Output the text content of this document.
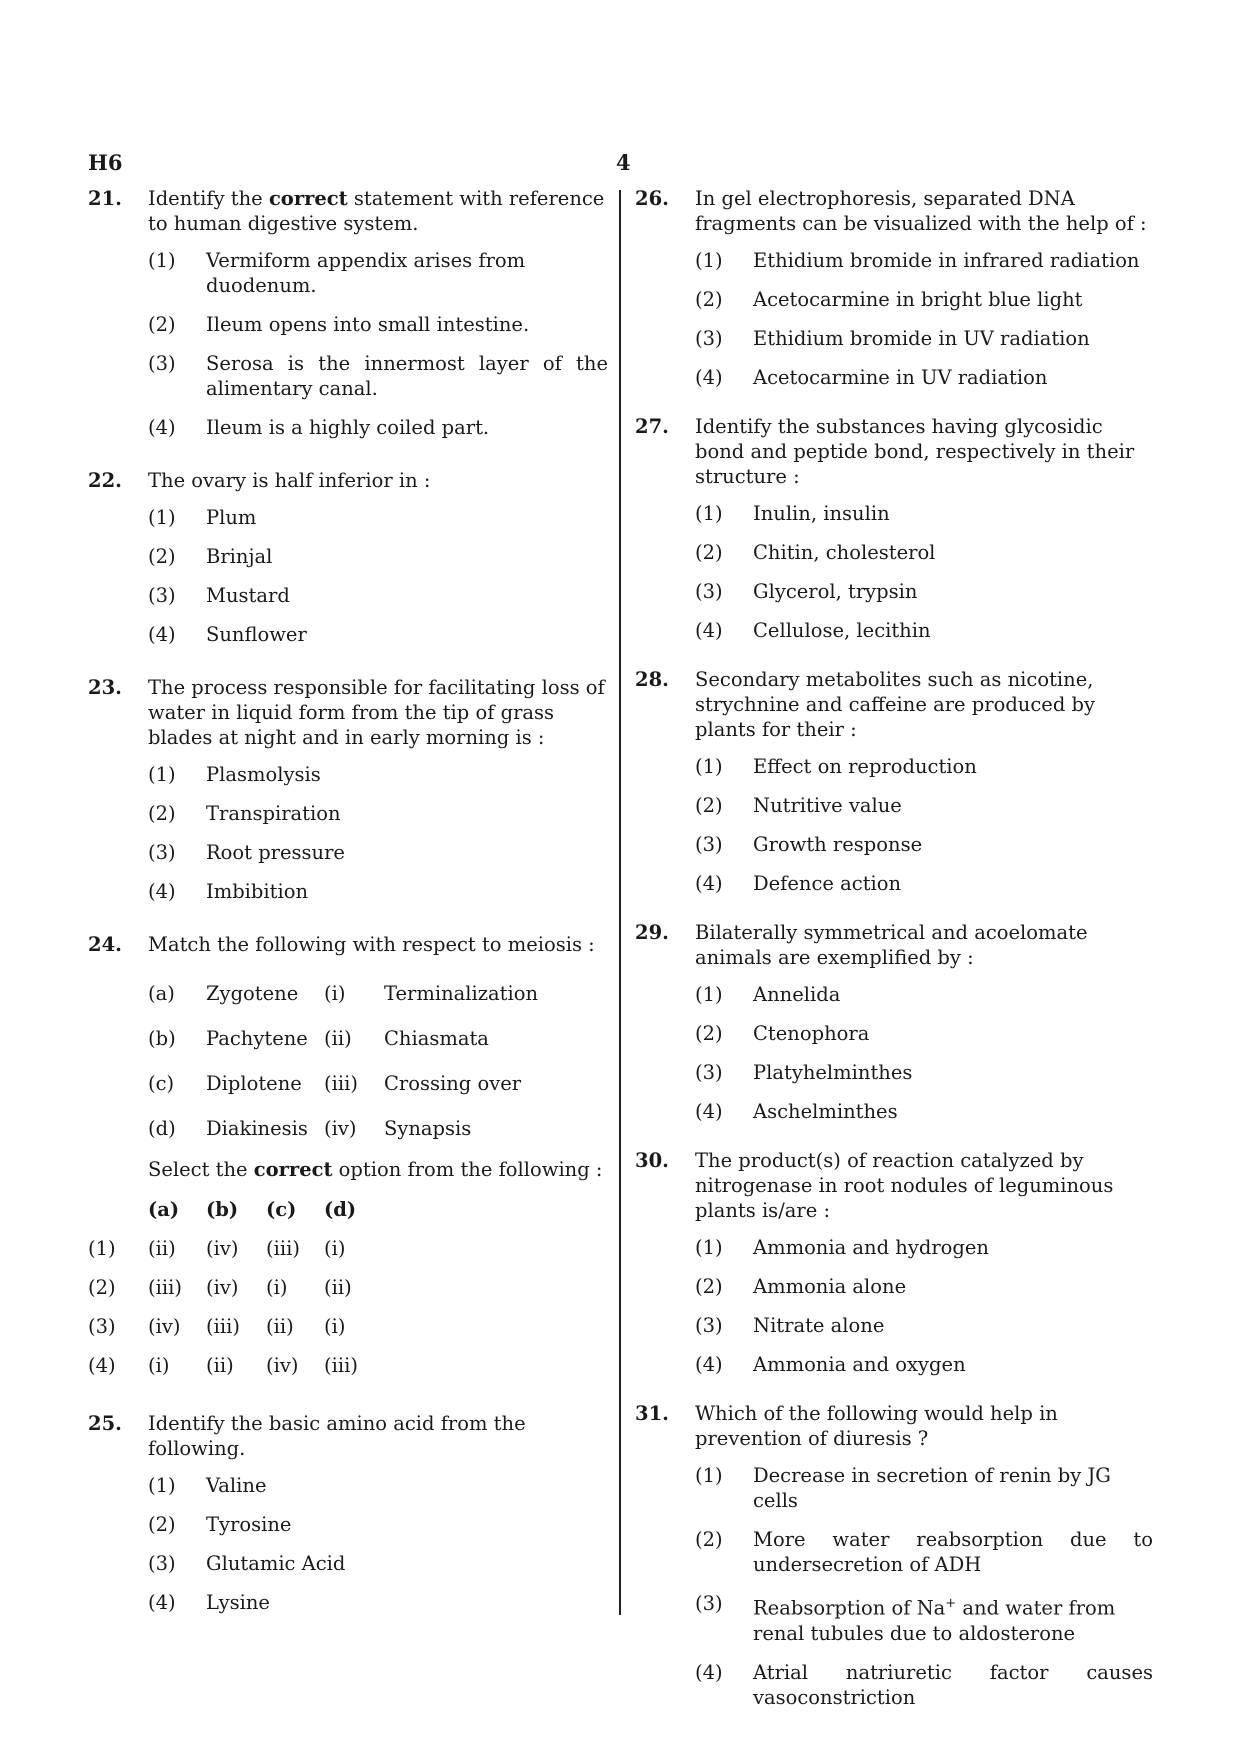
H6	4
21. Identify the correct statement with reference to human digestive system.
(1) Vermiform appendix arises from duodenum.
(2) Ileum opens into small intestine.
(3) Serosa is the innermost layer of the
alimentary canal.
(4) Ileum is a highly coiled part.
22. The ovary is half inferior in :
(1) Plum
(2) Brinjal
(3) Mustard
(4) Sunflower
23. The process responsible for facilitating loss of water in liquid form from the tip of grass blades at night and in early morning is :
(1) Plasmolysis
(2) Transpiration
(3) Root pressure
(4) Imbibition
24. Match the following with respect to meiosis :
(a)	Zygotene	(i)	Terminalization
(b)	Pachytene	(ii)	Chiasmata
(c)	Diplotene	(iii)	Crossing over
(d)	Diakinesis	(iv)	Synapsis
Select the correct option from the following :
	(a)	(b)	(c)	(d)
(1)	(ii)	(iv)	(iii)	(i)
(2)	(iii)	(iv)	(i)	(ii)
(3)	(iv)	(iii)	(ii)	(i)
(4)	(i)	(ii)	(iv)	(iii)
25. Identify the basic amino acid from the following.
(1) Valine
(2) Tyrosine
(3) Glutamic Acid
(4) Lysine
26. In gel electrophoresis, separated DNA fragments can be visualized with the help of :
(1) Ethidium bromide in infrared radiation
(2) Acetocarmine in bright blue light
(3) Ethidium bromide in UV radiation
(4) Acetocarmine in UV radiation
27. Identify the substances having glycosidic bond and peptide bond, respectively in their structure :
(1) Inulin, insulin
(2) Chitin, cholesterol
(3) Glycerol, trypsin
(4) Cellulose, lecithin
28. Secondary metabolites such as nicotine, strychnine and caffeine are produced by plants for their :
(1) Effect on reproduction
(2) Nutritive value
(3) Growth response
(4) Defence action
29. Bilaterally symmetrical and acoelomate animals are exemplified by :
(1) Annelida
(2) Ctenophora
(3) Platyhelminthes
(4) Aschelminthes
30. The product(s) of reaction catalyzed by nitrogenase in root nodules of leguminous plants is/are :
(1) Ammonia and hydrogen
(2) Ammonia alone
(3) Nitrate alone
(4) Ammonia and oxygen
31. Which of the following would help in prevention of diuresis ?
(1) Decrease in secretion of renin by JG cells
(2) More water reabsorption due to
undersecretion of ADH
(3) Reabsorption of Na+ and water from renal tubules due to aldosterone
(4) Atrial natriuretic factor causes
vasoconstriction
